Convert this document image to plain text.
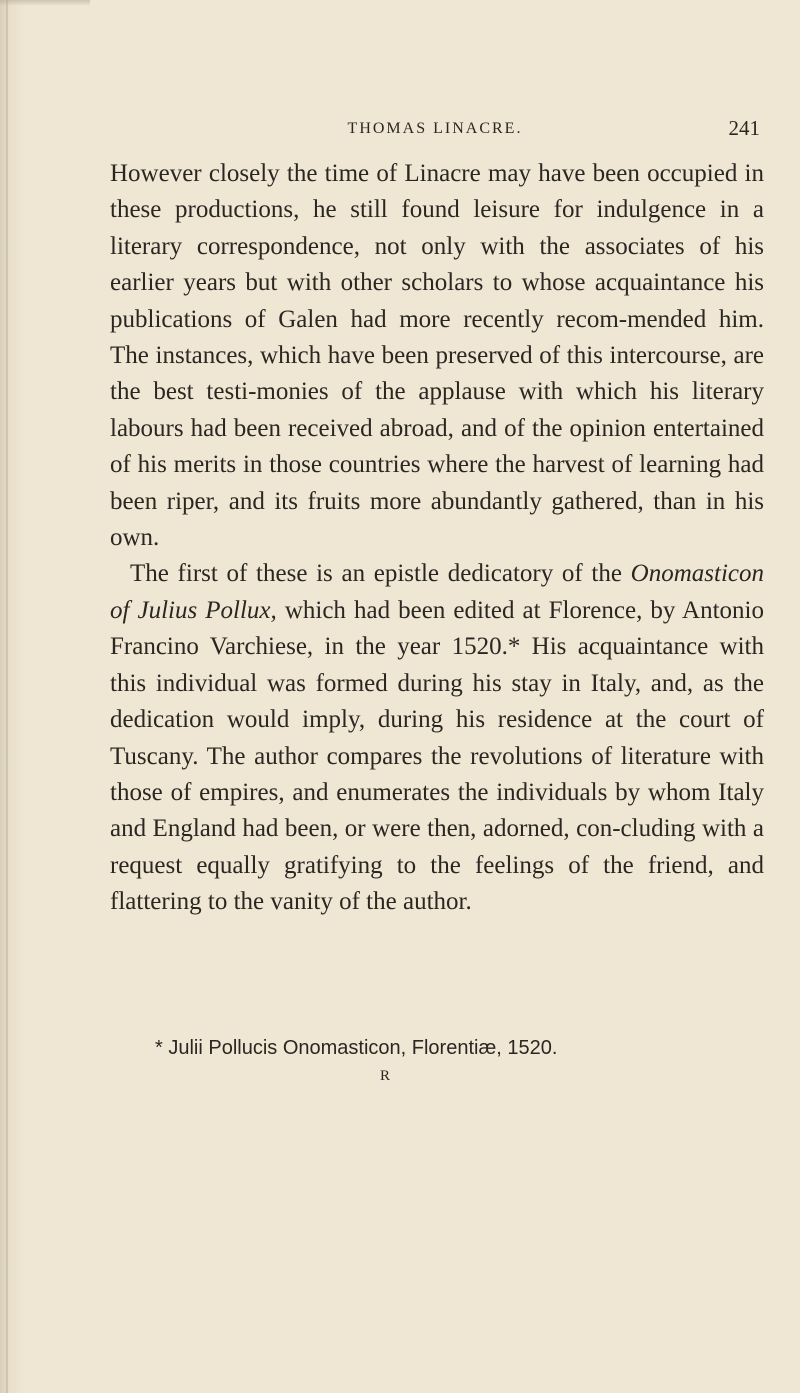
THOMAS LINACRE.	241

However closely the time of Linacre may have been occupied in these productions, he still found leisure for indulgence in a literary correspondence, not only with the associates of his earlier years but with other scholars to whose acquaintance his publications of Galen had more recently recom-mended him. The instances, which have been preserved of this intercourse, are the best testi-monies of the applause with which his literary labours had been received abroad, and of the opinion entertained of his merits in those countries where the harvest of learning had been riper, and its fruits more abundantly gathered, than in his own.

The first of these is an epistle dedicatory of the Onomasticon of Julius Pollux, which had been edited at Florence, by Antonio Francino Varchiese, in the year 1520.* His acquaintance with this individual was formed during his stay in Italy, and, as the dedication would imply, during his residence at the court of Tuscany. The author compares the revolutions of literature with those of empires, and enumerates the individuals by whom Italy and England had been, or were then, adorned, con-cluding with a request equally gratifying to the feelings of the friend, and flattering to the vanity of the author.

* Julii Pollucis Onomasticon, Florentiæ, 1520.
R
